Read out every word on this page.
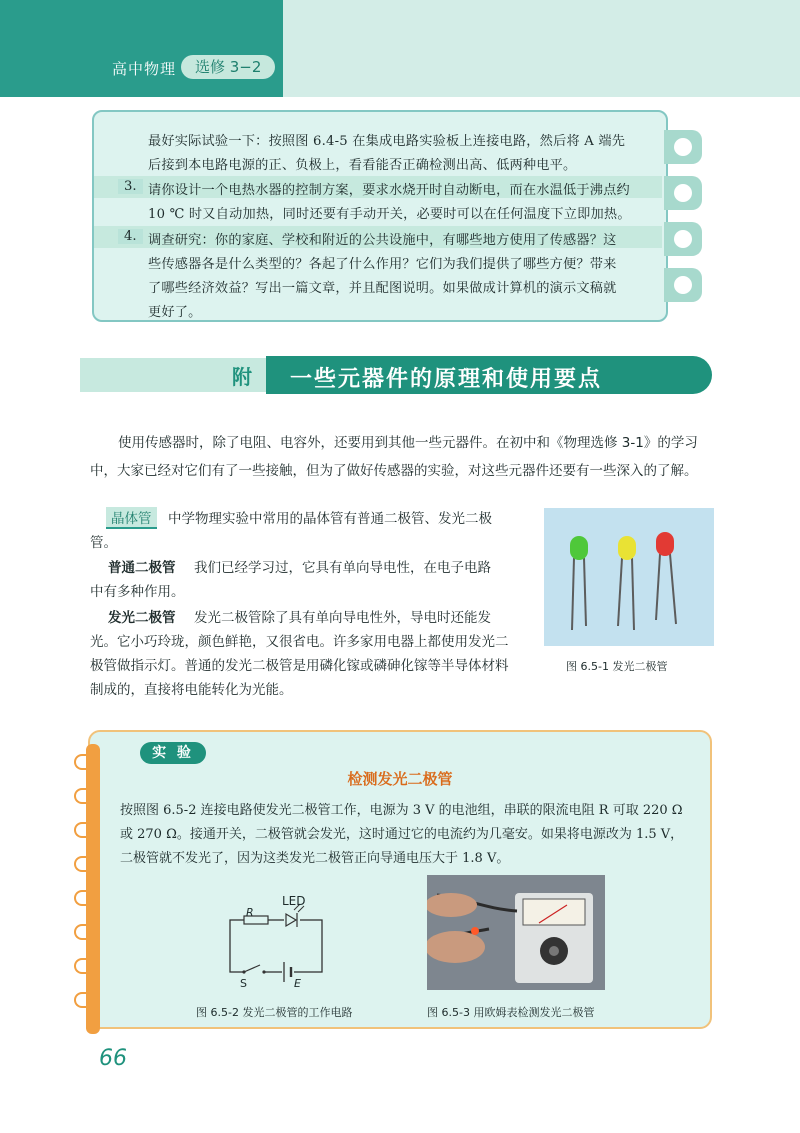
高中物理	选修 3−2
最好实际试验一下：按照图 6.4-5 在集成电路实验板上连接电路，然后将 A 端先
后接到本电路电源的正、负极上，看看能否正确检测出高、低两种电平。
3. 请你设计一个电热水器的控制方案，要求水烧开时自动断电，而在水温低于沸点约
10 ℃ 时又自动加热，同时还要有手动开关，必要时可以在任何温度下立即加热。
4. 调查研究：你的家庭、学校和附近的公共设施中，有哪些地方使用了传感器？这
些传感器各是什么类型的？各起了什么作用？它们为我们提供了哪些方便？带来
了哪些经济效益？写出一篇文章，并且配图说明。如果做成计算机的演示文稿就
更好了。
附 一些元器件的原理和使用要点
使用传感器时，除了电阻、电容外，还要用到其他一些元器件。在初中和《物理选修 3-1》的学习
中，大家已经对它们有了一些接触，但为了做好传感器的实验，对这些元器件还要有一些深入的了解。
晶体管	中学物理实验中常用的晶体管有普通二极管、发光二极
管。
普通二极管 我们已经学习过，它具有单向导电性，在电子电路
中有多种作用。
发光二极管 发光二极管除了具有单向导电性外，导电时还能发
光。它小巧玲珑，颜色鲜艳，又很省电。许多家用电器上都使用发光二
极管做指示灯。普通的发光二极管是用磷化镓或磷砷化镓等半导体材料
制成的，直接将电能转化为光能。
图 6.5-1 发光二极管
实 验
检测发光二极管
按照图 6.5-2 连接电路使发光二极管工作，电源为 3 V 的电池组，串联的限流电阻 R 可取 220 Ω
或 270 Ω。接通开关，二极管就会发光，这时通过它的电流约为几毫安。如果将电源改为 1.5 V，
二极管就不发光了，因为这类发光二极管正向导通电压大于 1.8 V。
LED
R
S	E
图 6.5-2 发光二极管的工作电路	图 6.5-3 用欧姆表检测发光二极管
66
